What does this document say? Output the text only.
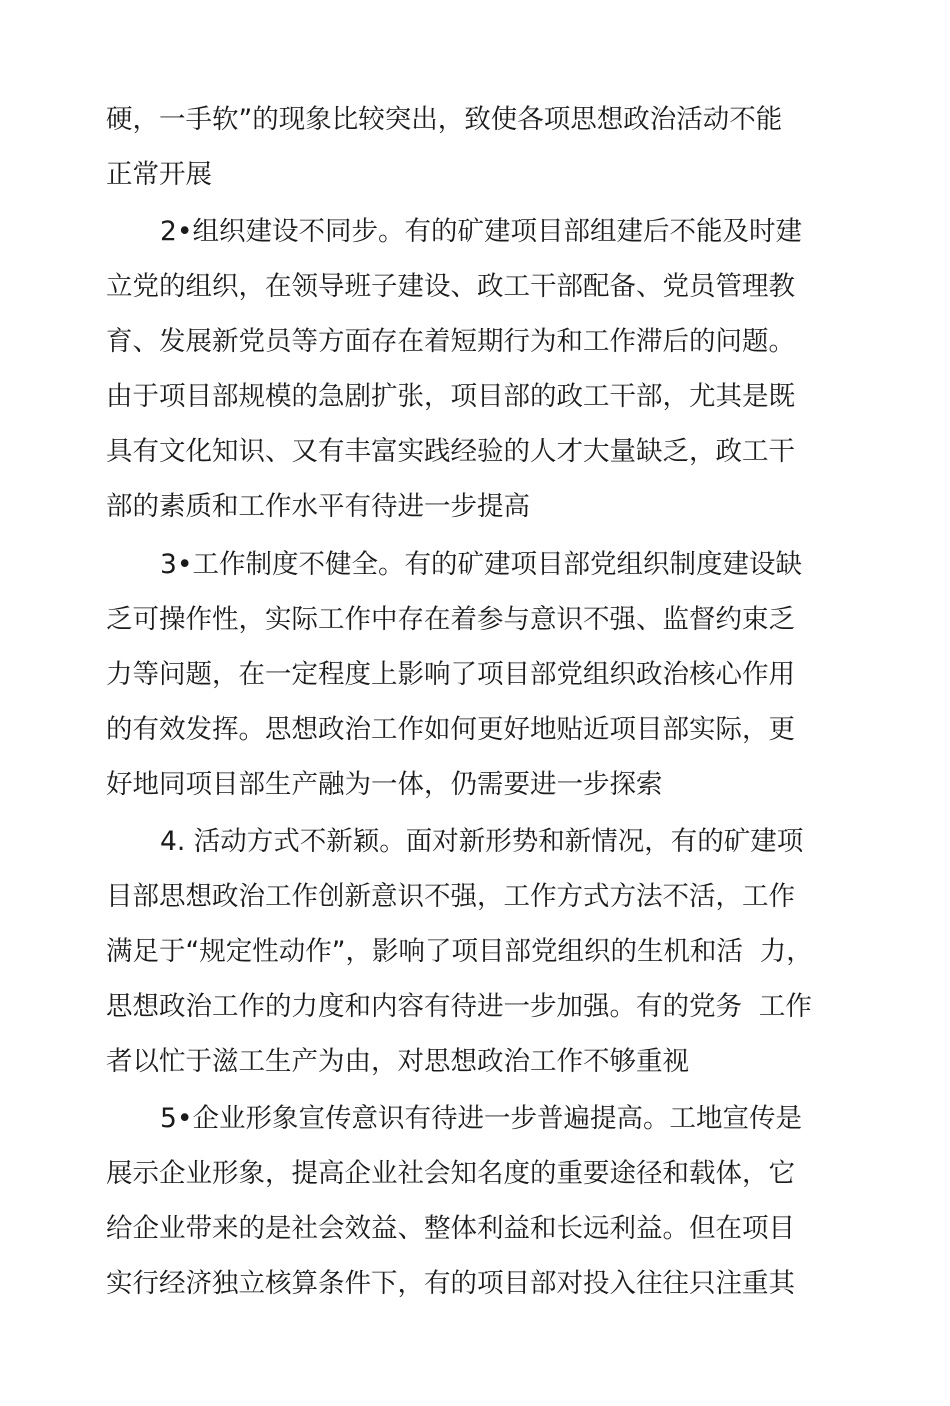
硬，一手软”的现象比较突出，致使各项思想政治活动不能
正常开展
2•组织建设不同步。有的矿建项目部组建后不能及时建
立党的组织，在领导班子建设、政工干部配备、党员管理教
育、发展新党员等方面存在着短期行为和工作滞后的问题。
由于项目部规模的急剧扩张，项目部的政工干部，尤其是既
具有文化知识、又有丰富实践经验的人才大量缺乏，政工干
部的素质和工作水平有待进一步提高
3•工作制度不健全。有的矿建项目部党组织制度建设缺
乏可操作性，实际工作中存在着参与意识不强、监督约束乏
力等问题，在一定程度上影响了项目部党组织政治核心作用
的有效发挥。思想政治工作如何更好地贴近项目部实际，更
好地同项目部生产融为一体，仍需要进一步探索
4. 活动方式不新颖。面对新形势和新情况，有的矿建项
目部思想政治工作创新意识不强，工作方式方法不活，工作
满足于“规定性动作”，影响了项目部党组织的生机和活  力，
思想政治工作的力度和内容有待进一步加强。有的党务  工作
者以忙于滋工生产为由，对思想政治工作不够重视
5•企业形象宣传意识有待进一步普遍提高。工地宣传是
展示企业形象，提高企业社会知名度的重要途径和载体，它
给企业带来的是社会效益、整体利益和长远利益。但在项目
实行经济独立核算条件下，有的项目部对投入往往只注重其
